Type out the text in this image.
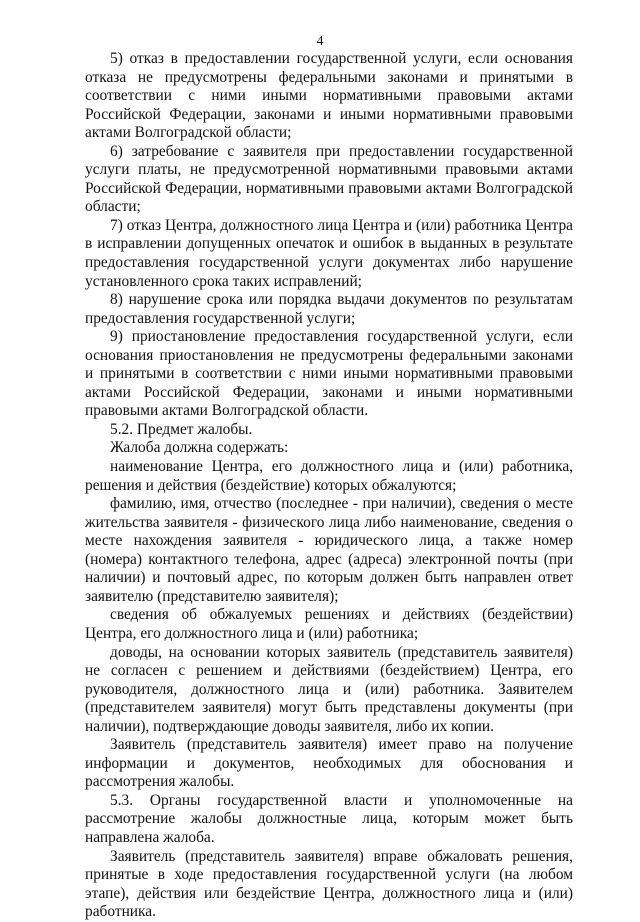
4

5) отказ в предоставлении государственной услуги, если основания отказа не предусмотрены федеральными законами и принятыми в соответствии с ними иными нормативными правовыми актами Российской Федерации, законами и иными нормативными правовыми актами Волгоградской области;

6) затребование с заявителя при предоставлении государственной услуги платы, не предусмотренной нормативными правовыми актами Российской Федерации, нормативными правовыми актами Волгоградской области;

7) отказ Центра, должностного лица Центра и (или) работника Центра в исправлении допущенных опечаток и ошибок в выданных в результате предоставления государственной услуги документах либо нарушение установленного срока таких исправлений;

8) нарушение срока или порядка выдачи документов по результатам предоставления государственной услуги;

9) приостановление предоставления государственной услуги, если основания приостановления не предусмотрены федеральными законами и принятыми в соответствии с ними иными нормативными правовыми актами Российской Федерации, законами и иными нормативными правовыми актами Волгоградской области.

5.2. Предмет жалобы.

Жалоба должна содержать:

наименование Центра, его должностного лица и (или) работника, решения и действия (бездействие) которых обжалуются;

фамилию, имя, отчество (последнее - при наличии), сведения о месте жительства заявителя - физического лица либо наименование, сведения о месте нахождения заявителя - юридического лица, а также номер (номера) контактного телефона, адрес (адреса) электронной почты (при наличии) и почтовый адрес, по которым должен быть направлен ответ заявителю (представителю заявителя);

сведения об обжалуемых решениях и действиях (бездействии) Центра, его должностного лица и (или) работника;

доводы, на основании которых заявитель (представитель заявителя) не согласен с решением и действиями (бездействием) Центра, его руководителя, должностного лица и (или) работника. Заявителем (представителем заявителя) могут быть представлены документы (при наличии), подтверждающие доводы заявителя, либо их копии.

Заявитель (представитель заявителя) имеет право на получение информации и документов, необходимых для обоснования и рассмотрения жалобы.

5.3. Органы государственной власти и уполномоченные на рассмотрение жалобы должностные лица, которым может быть направлена жалоба.

Заявитель (представитель заявителя) вправе обжаловать решения, принятые в ходе предоставления государственной услуги (на любом этапе), действия или бездействие Центра, должностного лица и (или) работника.
